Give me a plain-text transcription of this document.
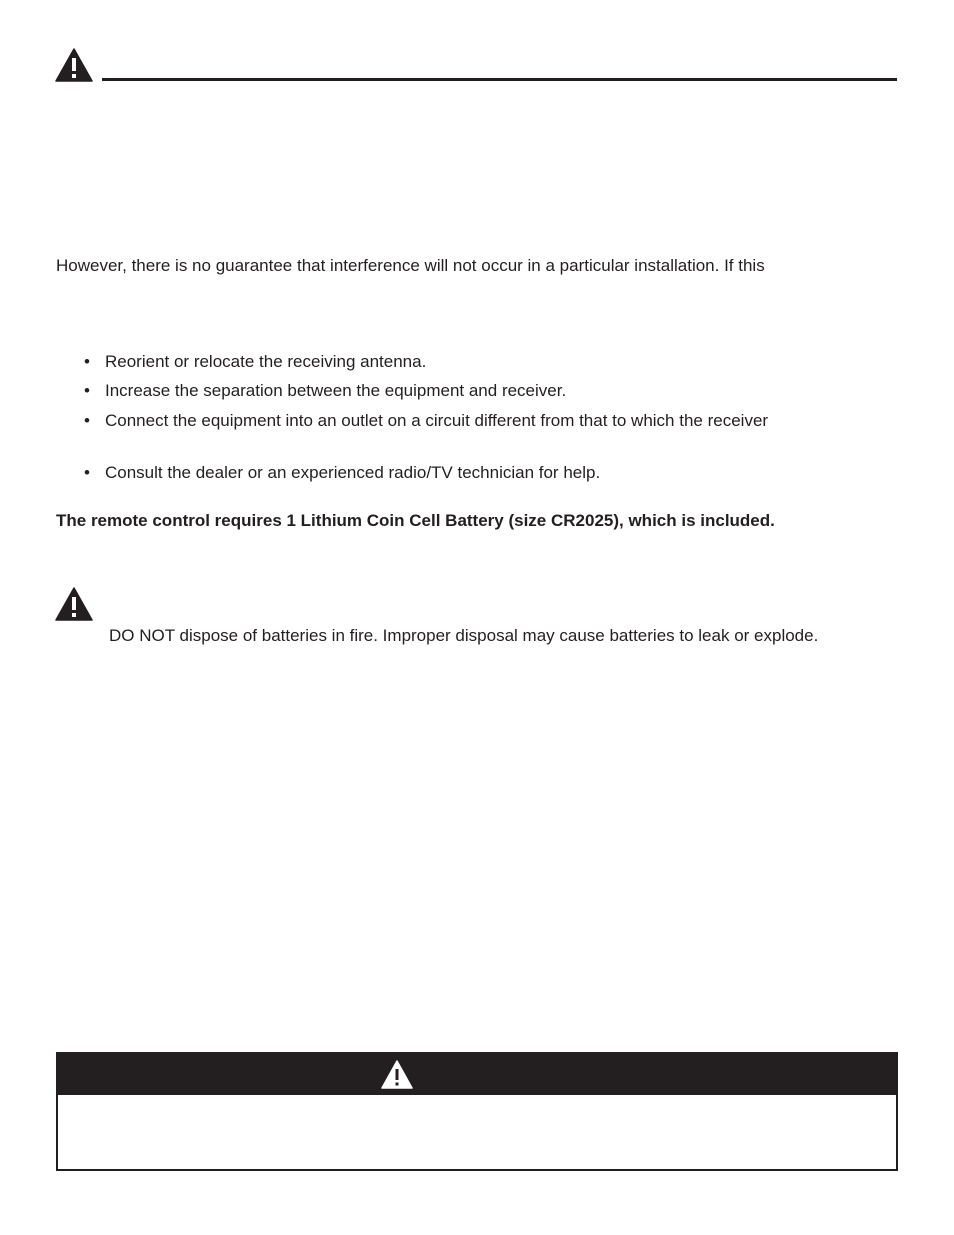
However, there is no guarantee that interference will not occur in a particular installation. If this
• Reorient or relocate the receiving antenna.
• Increase the separation between the equipment and receiver.
• Connect the equipment into an outlet on a circuit different from that to which the receiver
• Consult the dealer or an experienced radio/TV technician for help.
The remote control requires 1 Lithium Coin Cell Battery (size CR2025), which is included.
DO NOT dispose of batteries in fire. Improper disposal may cause batteries to leak or explode.
